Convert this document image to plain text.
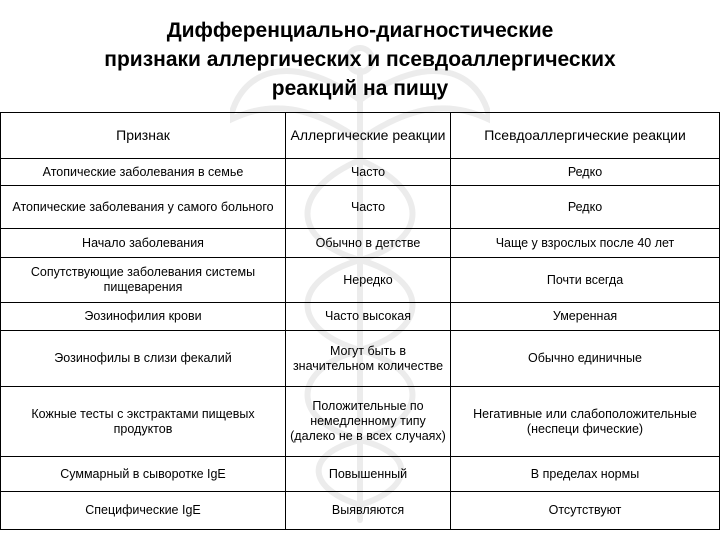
Дифференциально-диагностические
признаки аллергических и псевдоаллергических
реакций на пищу
Признак	Аллергические реакции	Псевдоаллергические реакции
Атопические заболевания в семье	Часто	Редко
Атопические заболевания у самого больного	Часто	Редко
Начало заболевания	Обычно в детстве	Чаще у взрослых после 40 лет
Сопутствующие заболевания системы пищеварения	Нередко	Почти всегда
Эозинофилия крови	Часто высокая	Умеренная
Эозинофилы в слизи фекалий	Могут быть в значительном количестве	Обычно единичные
Кожные тесты с экстрактами пищевых продуктов	Положительные по немедленному типу (далеко не в всех случаях)	Негативные или слабоположительные (неспеци фические)
Суммарный в сыворотке IgE	Повышенный	В пределах нормы
Специфические IgE	Выявляются	Отсутствуют
